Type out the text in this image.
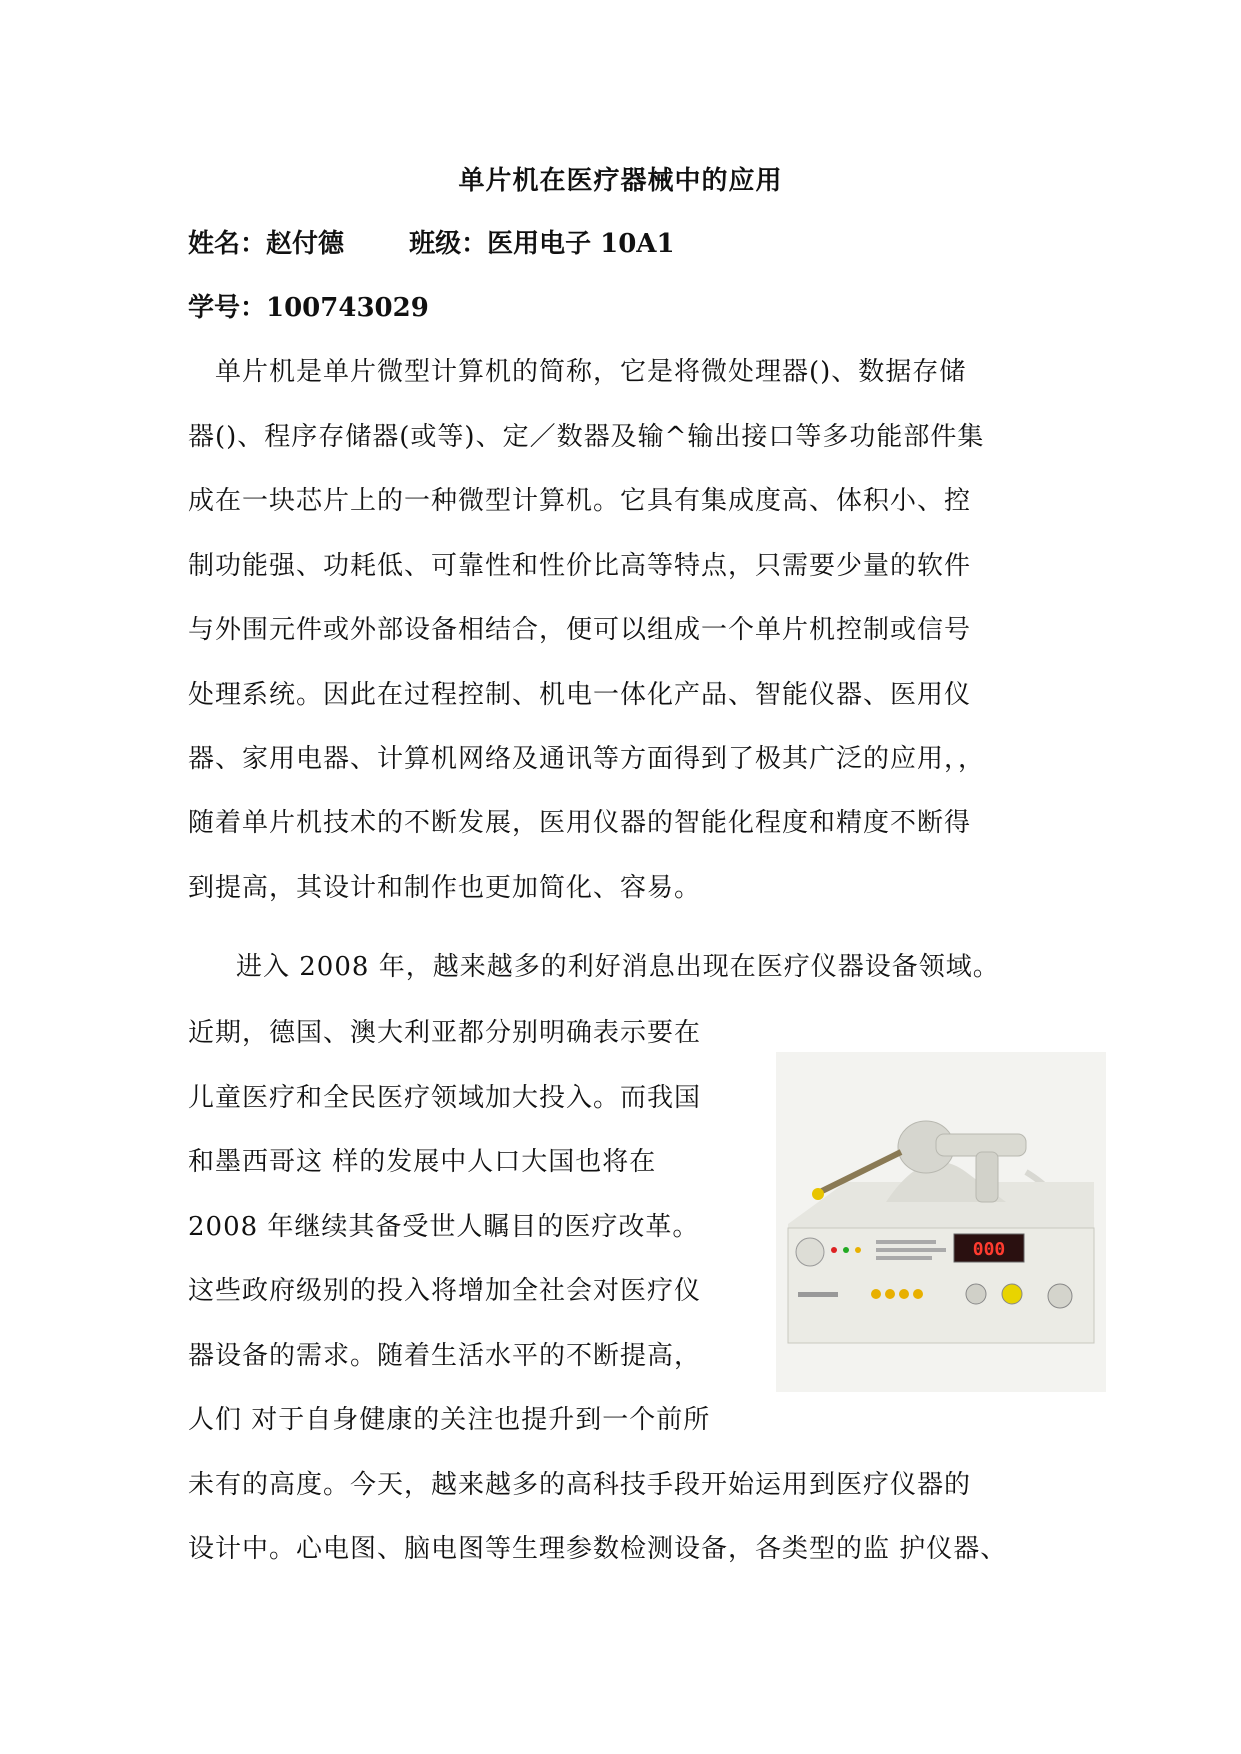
单片机在医疗器械中的应用
姓名：赵付德	班级：医用电子 10A1
学号：100743029
　单片机是单片微型计算机的简称，它是将微处理器()、数据存储
器()、程序存储器(或等)、定／数器及输^输出接口等多功能部件集
成在一块芯片上的一种微型计算机。它具有集成度高、体积小、控
制功能强、功耗低、可靠性和性价比高等特点，只需要少量的软件
与外围元件或外部设备相结合，便可以组成一个单片机控制或信号
处理系统。因此在过程控制、机电一体化产品、智能仪器、医用仪
器、家用电器、计算机网络及通讯等方面得到了极其广泛的应用，，
随着单片机技术的不断发展，医用仪器的智能化程度和精度不断得
到提高，其设计和制作也更加简化、容易。
进入 2008 年，越来越多的利好消息出现在医疗仪器设备领域。
近期，德国、澳大利亚都分别明确表示要在
儿童医疗和全民医疗领域加大投入。而我国
和墨西哥这 样的发展中人口大国也将在
2008 年继续其备受世人瞩目的医疗改革。
这些政府级别的投入将增加全社会对医疗仪
器设备的需求。随着生活水平的不断提高，
人们 对于自身健康的关注也提升到一个前所
未有的高度。今天，越来越多的高科技手段开始运用到医疗仪器的
设计中。心电图、脑电图等生理参数检测设备，各类型的监 护仪器、
000
